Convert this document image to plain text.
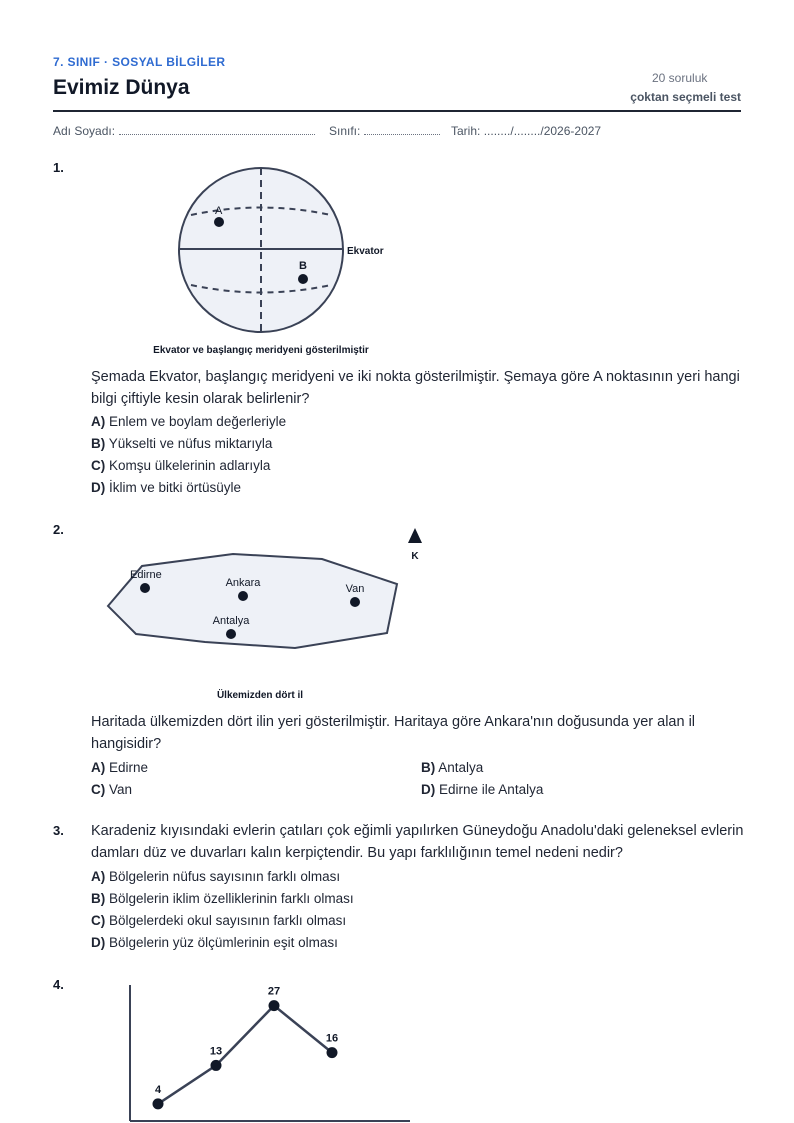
7. SINIF · SOSYAL BİLGİLER
Evimiz Dünya	20 soruluk
çoktan seçmeli test
Adı Soyadı:	Sınıfı:	Tarih: ......../......../2026-2027
1.
A
B
Ekvator
Ekvator ve başlangıç meridyeni gösterilmiştir
Şemada Ekvator, başlangıç meridyeni ve iki nokta gösterilmiştir. Şemaya göre A noktasının yeri hangi bilgi çiftiyle kesin olarak belirlenir?
A) Enlem ve boylam değerleriyle
B) Yükselti ve nüfus miktarıyla
C) Komşu ülkelerinin adlarıyla
D) İklim ve bitki örtüsüyle
2.
K
Edirne
Ankara	Van
Antalya
Ülkemizden dört il
Haritada ülkemizden dört ilin yeri gösterilmiştir. Haritaya göre Ankara'nın doğusunda yer alan il hangisidir?
A) Edirne	B) Antalya
C) Van	D) Edirne ile Antalya
3. Karadeniz kıyısındaki evlerin çatıları çok eğimli yapılırken Güneydoğu Anadolu'daki geleneksel evlerin damları düz ve duvarları kalın kerpiçtendir. Bu yapı farklılığının temel nedeni nedir?
A) Bölgelerin nüfus sayısının farklı olması
B) Bölgelerin iklim özelliklerinin farklı olması
C) Bölgelerdeki okul sayısının farklı olması
D) Bölgelerin yüz ölçümlerinin eşit olması
4.
4
13
27
16
